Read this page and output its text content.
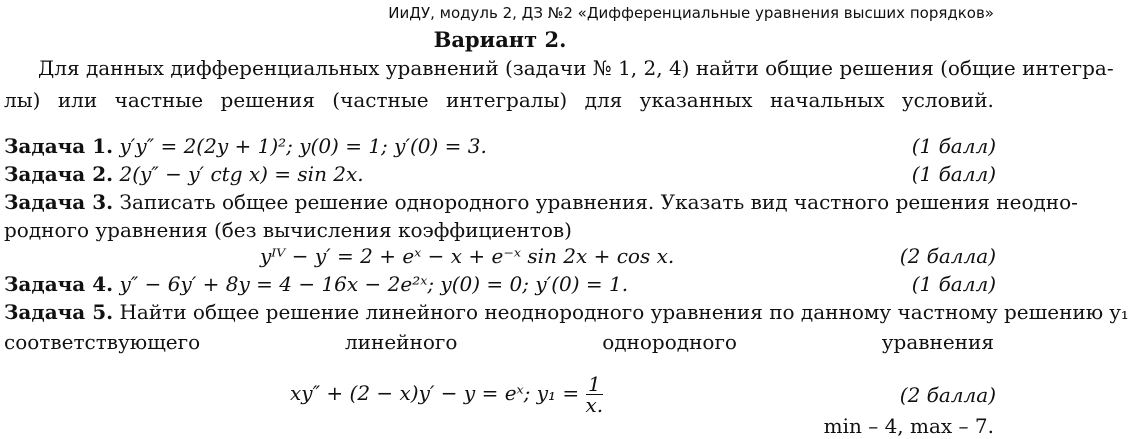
ИиДУ, модуль 2, ДЗ №2 «Дифференциальные уравнения высших порядков»
Вариант 2.
Для данных дифференциальных уравнений (задачи № 1, 2, 4) найти общие решения (общие интегра-
лы) или частные решения (частные интегралы) для указанных начальных условий.
Задача 1. y′y″ = 2(2y + 1)²; y(0) = 1; y′(0) = 3.	(1 балл)
Задача 2. 2(y″ − y′ ctg x) = sin 2x.	(1 балл)
Задача 3. Записать общее решение однородного уравнения. Указать вид частного решения неодно-
родного уравнения (без вычисления коэффициентов)
yᴵⱽ − y′ = 2 + eˣ − x + e⁻ˣ sin 2x + cos x.	(2 балла)
Задача 4. y″ − 6y′ + 8y = 4 − 16x − 2e²ˣ; y(0) = 0; y′(0) = 1.	(1 балл)
Задача 5. Найти общее решение линейного неоднородного уравнения по данному частному решению y₁
соответствующего	линейного	однородного	уравнения
xy″ + (2 − x)y′ − y = eˣ; $y_1 = \frac{1}{x.}$	(2 балла)
min – 4, max – 7.
